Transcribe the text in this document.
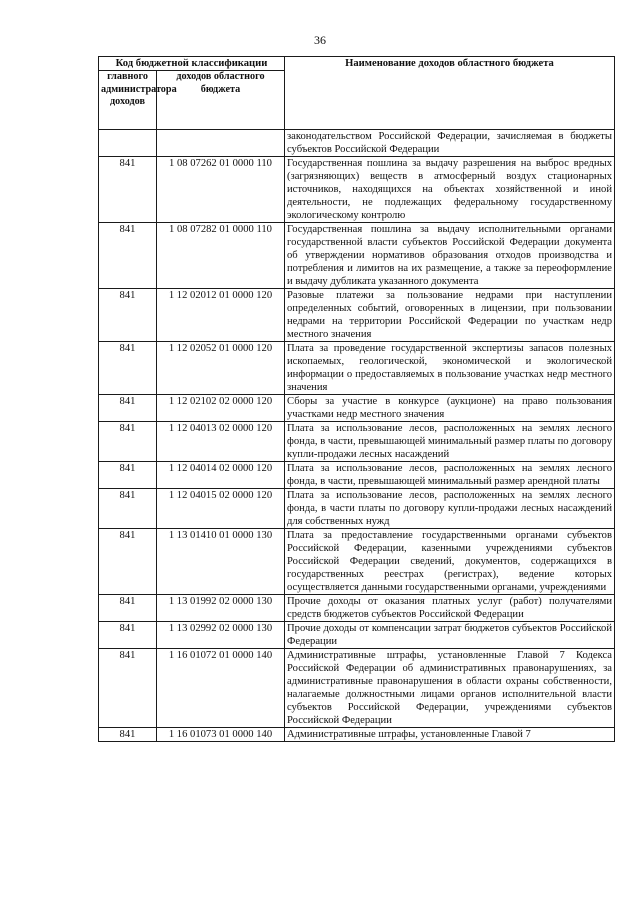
36
Код бюджетной классификации		Наименование доходов областного бюджета
главного администратора доходов	доходов областного бюджета	
		законодательством Российской Федерации, зачисляемая в бюджеты субъектов Российской Федерации
841	1 08 07262 01 0000 110	Государственная пошлина за выдачу разрешения на выброс вредных (загрязняющих) веществ в атмосферный воздух стационарных источников, находящихся на объектах хозяйственной и иной деятельности, не подлежащих федеральному государственному экологическому контролю
841	1 08 07282 01 0000 110	Государственная пошлина за выдачу исполнительными органами государственной власти субъектов Российской Федерации документа об утверждении нормативов образования отходов производства и потребления и лимитов на их размещение, а также за переоформление и выдачу дубликата указанного документа
841	1 12 02012 01 0000 120	Разовые платежи за пользование недрами при наступлении определенных событий, оговоренных в лицензии, при пользовании недрами на территории Российской Федерации по участкам недр местного значения
841	1 12 02052 01 0000 120	Плата за проведение государственной экспертизы запасов полезных ископаемых, геологической, экономической и экологической информации о предоставляемых в пользование участках недр местного значения
841	1 12 02102 02 0000 120	Сборы за участие в конкурсе (аукционе) на право пользования участками недр местного значения
841	1 12 04013 02 0000 120	Плата за использование лесов, расположенных на землях лесного фонда, в части, превышающей минимальный размер платы по договору купли-продажи лесных насаждений
841	1 12 04014 02 0000 120	Плата за использование лесов, расположенных на землях лесного фонда, в части, превышающей минимальный размер арендной платы
841	1 12 04015 02 0000 120	Плата за использование лесов, расположенных на землях лесного фонда, в части платы по договору купли-продажи лесных насаждений для собственных нужд
841	1 13 01410 01 0000 130	Плата за предоставление государственными органами субъектов Российской Федерации, казенными учреждениями субъектов Российской Федерации сведений, документов, содержащихся в государственных реестрах (регистрах), ведение которых осуществляется данными государственными органами, учреждениями
841	1 13 01992 02 0000 130	Прочие доходы от оказания платных услуг (работ) получателями средств бюджетов субъектов Российской Федерации
841	1 13 02992 02 0000 130	Прочие доходы от компенсации затрат бюджетов субъектов Российской Федерации
841	1 16 01072 01 0000 140	Административные штрафы, установленные Главой 7 Кодекса Российской Федерации об административных правонарушениях, за административные правонарушения в области охраны собственности, налагаемые должностными лицами органов исполнительной власти субъектов Российской Федерации, учреждениями субъектов Российской Федерации
841	1 16 01073 01 0000 140	Административные штрафы, установленные Главой 7
